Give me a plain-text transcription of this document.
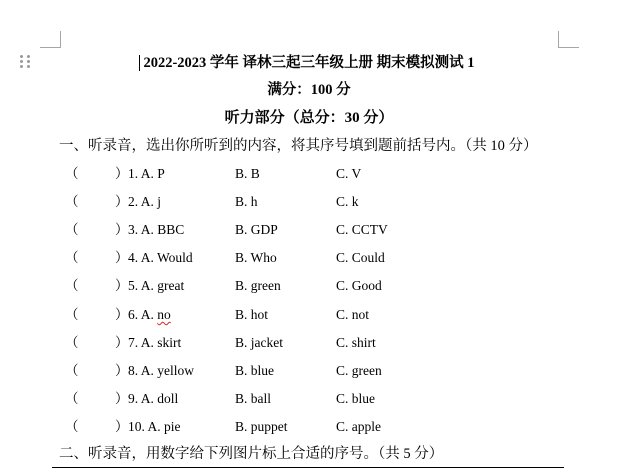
2022-2023 学年 译林三起三年级上册 期末模拟测试 1
满分：100 分
听力部分（总分：30 分）
一、听录音，选出你所听到的内容，将其序号填到题前括号内。（共 10 分）
（	） 1. A. P	B. B	C. V
（	） 2. A. j	B. h	C. k
（	） 3. A. BBC	B. GDP	C. CCTV
（	） 4. A. Would	B. Who	C. Could
（	） 5. A. great	B. green	C. Good
（	） 6. A. no	B. hot	C. not
（	） 7. A. skirt	B. jacket	C. shirt
（	） 8. A. yellow	B. blue	C. green
（	） 9. A. doll	B. ball	C. blue
（	） 10. A. pie	B. puppet	C. apple
二、听录音，用数字给下列图片标上合适的序号。（共 5 分）
